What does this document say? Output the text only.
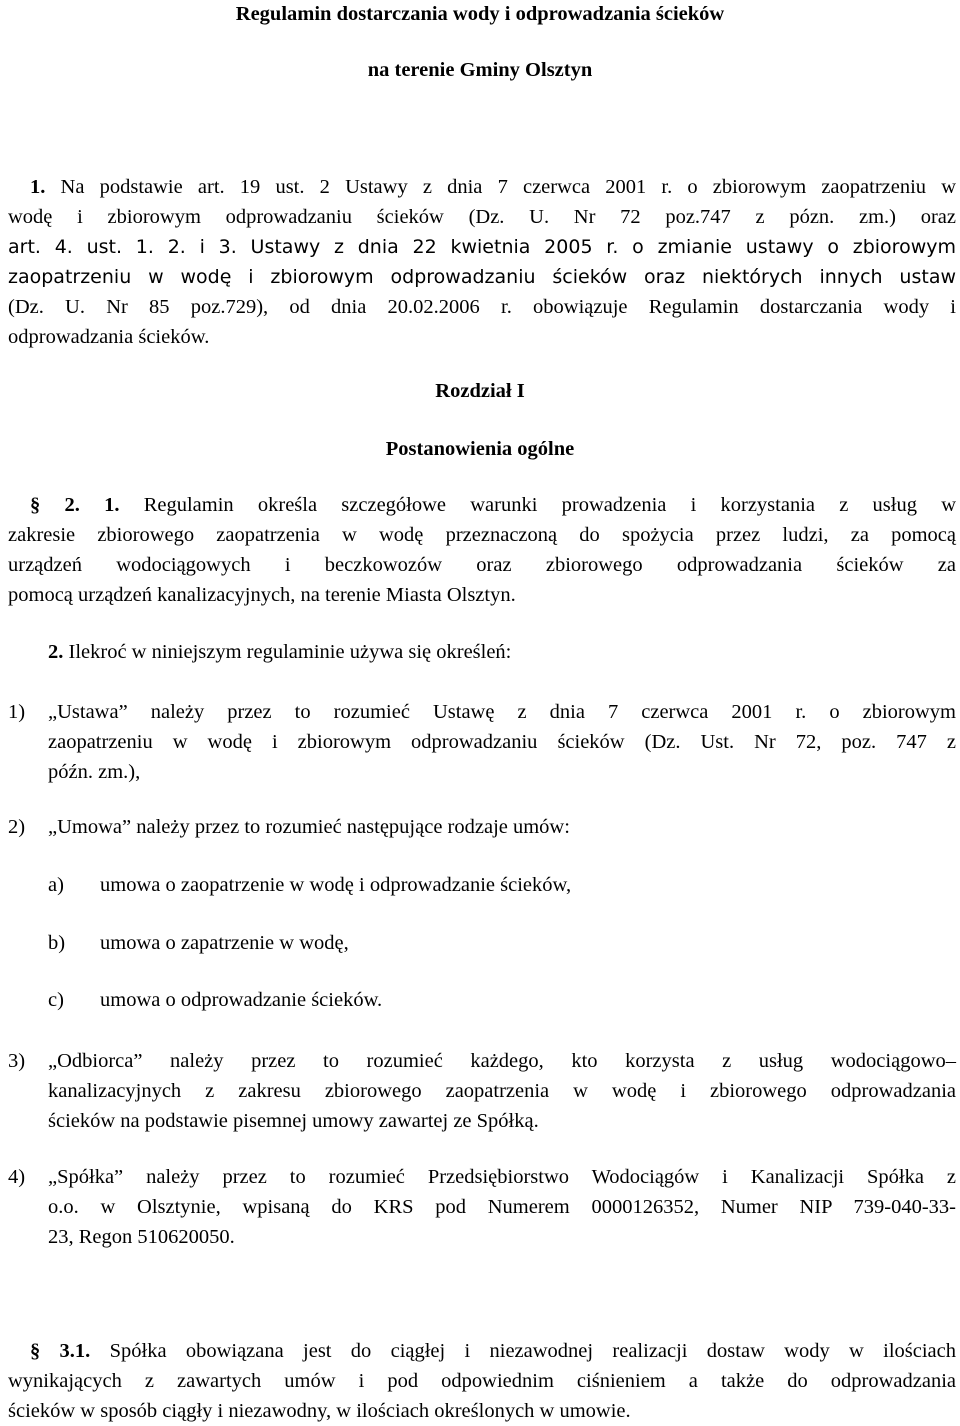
Regulamin dostarczania wody i odprowadzania ścieków
na terenie Gminy Olsztyn
1. Na podstawie art. 19 ust. 2 Ustawy z dnia 7 czerwca 2001 r. o zbiorowym zaopatrzeniu w
wodę i zbiorowym odprowadzaniu ścieków (Dz. U. Nr 72 poz.747 z pózn. zm.) oraz
art. 4. ust. 1. 2. i 3. Ustawy z dnia 22 kwietnia 2005 r. o zmianie ustawy o zbiorowym
zaopatrzeniu w wodę i zbiorowym odprowadzaniu ścieków oraz niektórych innych ustaw
(Dz. U. Nr 85 poz.729), od dnia 20.02.2006 r. obowiązuje Regulamin dostarczania wody i
odprowadzania ścieków.
Rozdział I
Postanowienia ogólne
§ 2. 1. Regulamin określa szczegółowe warunki prowadzenia i korzystania z usług w
zakresie zbiorowego zaopatrzenia w wodę przeznaczoną do spożycia przez ludzi, za pomocą
urządzeń wodociągowych i beczkowozów oraz zbiorowego odprowadzania ścieków za
pomocą urządzeń kanalizacyjnych, na terenie Miasta Olsztyn.
2. Ilekroć w niniejszym regulaminie używa się określeń:
1)	„Ustawa” należy przez to rozumieć Ustawę z dnia 7 czerwca 2001 r. o zbiorowym
zaopatrzeniu w wodę i zbiorowym odprowadzaniu ścieków (Dz. Ust. Nr 72, poz. 747 z
późn. zm.),
2)	„Umowa” należy przez to rozumieć następujące rodzaje umów:
a) umowa o zaopatrzenie w wodę i odprowadzanie ścieków,
b) umowa o zapatrzenie w wodę,
c) umowa o odprowadzanie ścieków.
3)	„Odbiorca” należy przez to rozumieć każdego, kto korzysta z usług wodociągowo–
kanalizacyjnych z zakresu zbiorowego zaopatrzenia w wodę i zbiorowego odprowadzania
ścieków na podstawie pisemnej umowy zawartej ze Spółką.
4)	„Spółka” należy przez to rozumieć Przedsiębiorstwo Wodociągów i Kanalizacji Spółka z
o.o. w Olsztynie, wpisaną do KRS pod Numerem 0000126352, Numer NIP 739-040-33-
23, Regon 510620050.
§ 3.1. Spółka obowiązana jest do ciągłej i niezawodnej realizacji dostaw wody w ilościach
wynikających z zawartych umów i pod odpowiednim ciśnieniem a także do odprowadzania
ścieków w sposób ciągły i niezawodny, w ilościach określonych w umowie.
